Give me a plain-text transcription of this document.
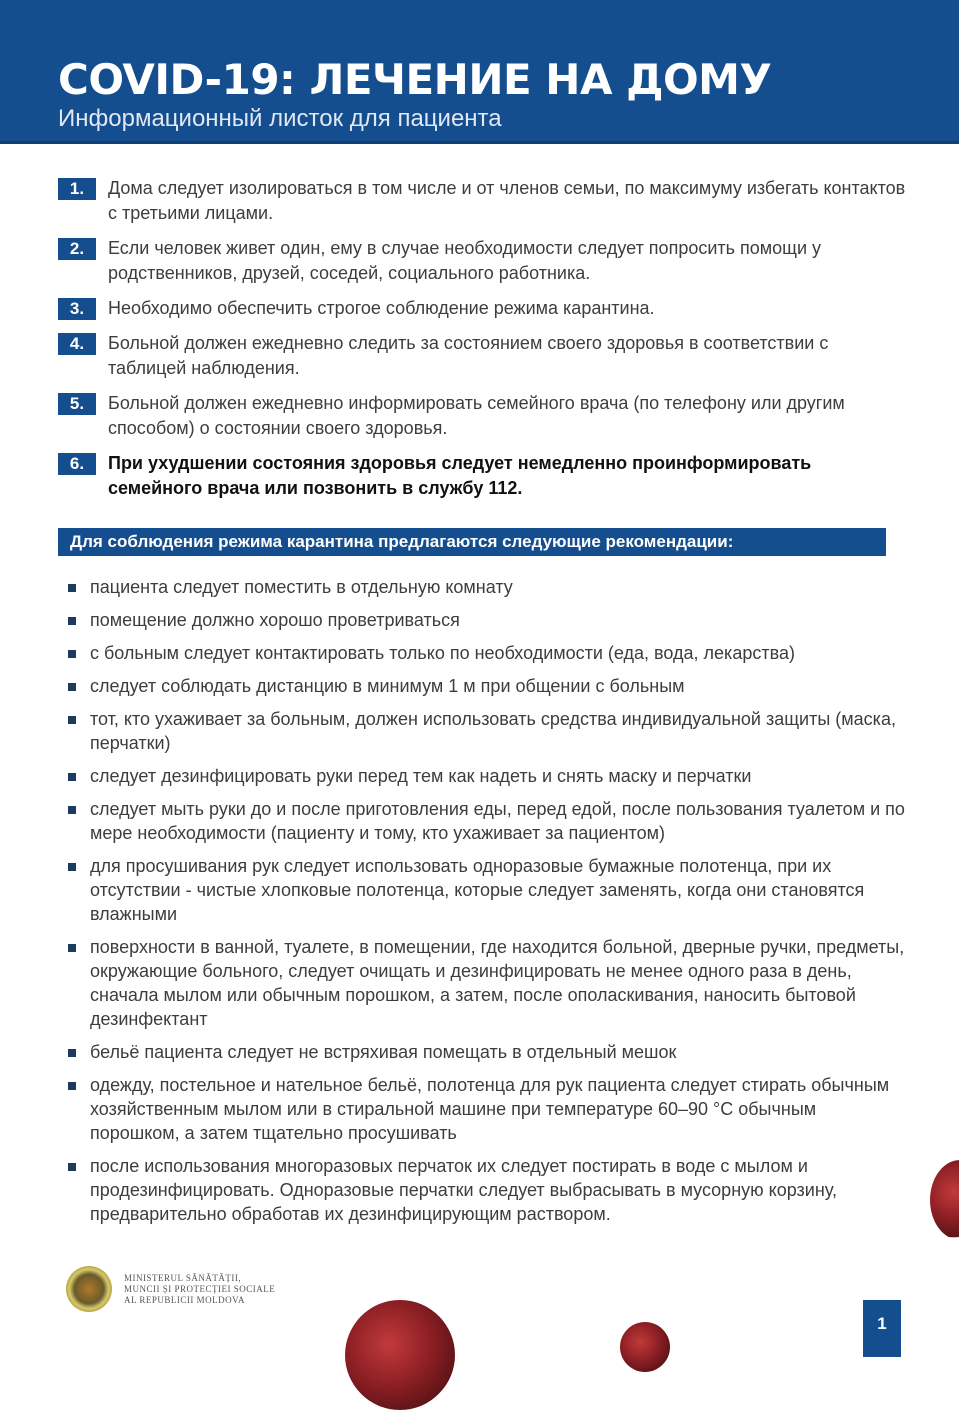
COVID-19: ЛЕЧЕНИЕ НА ДОМУ
Информационный листок для пациента
1.	Дома следует изолироваться в том числе и от членов семьи, по максимуму избегать контактов с третьими лицами.
2.	Если человек живет один, ему в случае необходимости следует попросить помощи у родственников, друзей, соседей, социального работника.
3.	Необходимо обеспечить строгое соблюдение режима карантина.
4.	Больной должен ежедневно следить за состоянием своего здоровья в соответствии с таблицей наблюдения.
5.	Больной должен ежедневно информировать семейного врача (по телефону или другим способом) о состоянии своего здоровья.
6.	При ухудшении состояния здоровья следует немедленно проинформировать семейного врача или позвонить в службу 112.
Для соблюдения режима карантина предлагаются следующие рекомендации:
пациента следует поместить в отдельную комнату
помещение должно хорошо проветриваться
с больным следует контактировать только по необходимости (еда, вода, лекарства)
следует соблюдать дистанцию в минимум 1 м при общении с больным
тот, кто ухаживает за больным, должен использовать средства индивидуальной защиты (маска, перчатки)
следует дезинфицировать руки перед тем как надеть и снять маску и перчатки
следует мыть руки до и после приготовления еды, перед едой, после пользования туалетом и по мере необходимости (пациенту и тому, кто ухаживает за пациентом)
для просушивания рук следует использовать одноразовые бумажные полотенца, при их отсутствии - чистые хлопковые полотенца, которые следует заменять, когда они становятся влажными
поверхности в ванной, туалете, в помещении, где находится больной, дверные ручки, предметы, окружающие больного, следует очищать и дезинфицировать не менее одного раза в день, сначала мылом или обычным порошком, а затем, после ополаскивания, наносить бытовой дезинфектант
бельё пациента следует не встряхивая помещать в отдельный мешок
одежду, постельное и нательное бельё, полотенца для рук пациента следует стирать обычным хозяйственным мылом или в стиральной машине при температуре 60–90 °С обычным порошком, а затем тщательно просушивать
после использования многоразовых перчаток их следует постирать в воде с мылом и продезинфицировать. Одноразовые перчатки следует выбрасывать в мусорную корзину, предварительно обработав их дезинфицирующим раствором.
MINISTERUL SĂNĂTĂȚII,
MUNCII ȘI PROTECȚIEI SOCIALE
AL REPUBLICII MOLDOVA
1
